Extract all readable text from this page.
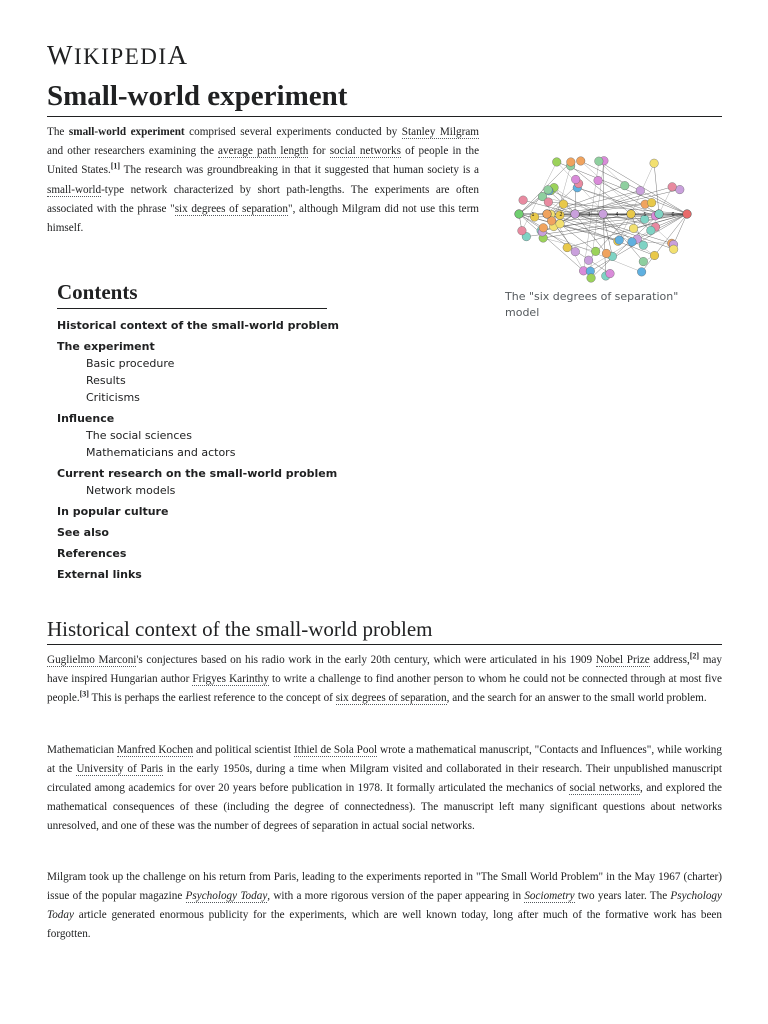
WIKIPEDIA
Small-world experiment

The small-world experiment comprised several experiments conducted by Stanley Milgram and other researchers examining the average path length for social networks of people in the United States.[1] The research was groundbreaking in that it suggested that human society is a small-world-type network characterized by short path-lengths. The experiments are often associated with the phrase "six degrees of separation", although Milgram did not use this term himself.

1	2	3	4	5	6

The "six degrees of separation" model

Contents
Historical context of the small-world problem
The experiment
Basic procedure
Results
Criticisms
Influence
The social sciences
Mathematicians and actors
Current research on the small-world problem
Network models
In popular culture
See also
References
External links
Historical context of the small-world problem

Guglielmo Marconi's conjectures based on his radio work in the early 20th century, which were articulated in his 1909 Nobel Prize address,[2] may have inspired Hungarian author Frigyes Karinthy to write a challenge to find another person to whom he could not be connected through at most five people.[3] This is perhaps the earliest reference to the concept of six degrees of separation, and the search for an answer to the small world problem.

Mathematician Manfred Kochen and political scientist Ithiel de Sola Pool wrote a mathematical manuscript, "Contacts and Influences", while working at the University of Paris in the early 1950s, during a time when Milgram visited and collaborated in their research. Their unpublished manuscript circulated among academics for over 20 years before publication in 1978. It formally articulated the mechanics of social networks, and explored the mathematical consequences of these (including the degree of connectedness). The manuscript left many significant questions about networks unresolved, and one of these was the number of degrees of separation in actual social networks.

Milgram took up the challenge on his return from Paris, leading to the experiments reported in "The Small World Problem" in the May 1967 (charter) issue of the popular magazine Psychology Today, with a more rigorous version of the paper appearing in Sociometry two years later. The Psychology Today article generated enormous publicity for the experiments, which are well known today, long after much of the formative work has been forgotten.
